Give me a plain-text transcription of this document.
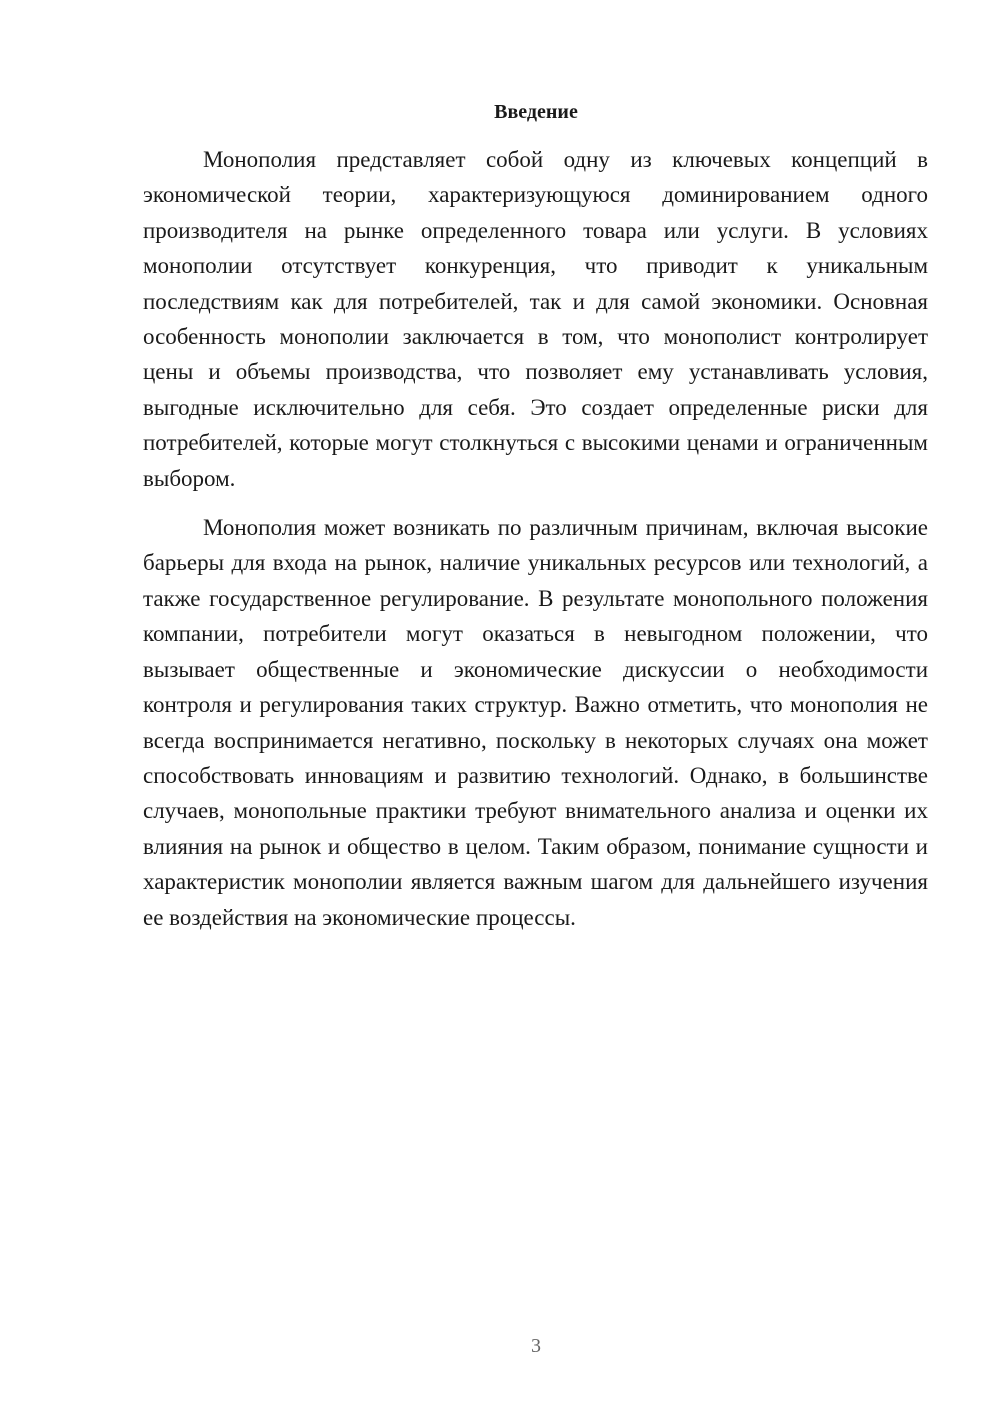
Введение

Монополия представляет собой одну из ключевых концепций в экономической теории, характеризующуюся доминированием одного производителя на рынке определенного товара или услуги. В условиях монополии отсутствует конкуренция, что приводит к уникальным последствиям как для потребителей, так и для самой экономики. Основная особенность монополии заключается в том, что монополист контролирует цены и объемы производства, что позволяет ему устанавливать условия, выгодные исключительно для себя. Это создает определенные риски для потребителей, которые могут столкнуться с высокими ценами и ограниченным выбором.

Монополия может возникать по различным причинам, включая высокие барьеры для входа на рынок, наличие уникальных ресурсов или технологий, а также государственное регулирование. В результате монопольного положения компании, потребители могут оказаться в невыгодном положении, что вызывает общественные и экономические дискуссии о необходимости контроля и регулирования таких структур. Важно отметить, что монополия не всегда воспринимается негативно, поскольку в некоторых случаях она может способствовать инновациям и развитию технологий. Однако, в большинстве случаев, монопольные практики требуют внимательного анализа и оценки их влияния на рынок и общество в целом. Таким образом, понимание сущности и характеристик монополии является важным шагом для дальнейшего изучения ее воздействия на экономические процессы.

3
